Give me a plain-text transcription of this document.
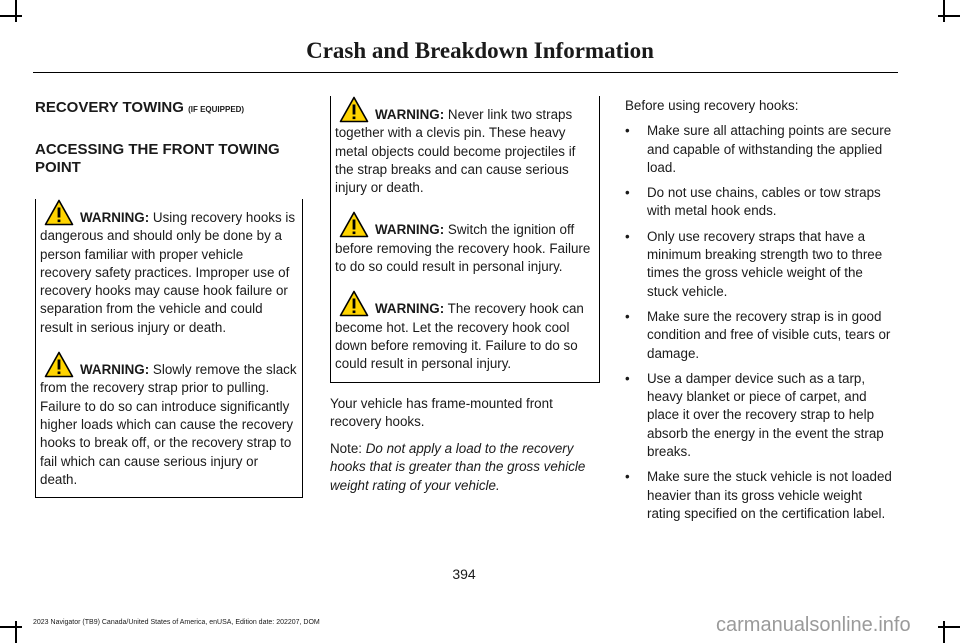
Crash and Breakdown Information
RECOVERY TOWING (IF EQUIPPED)
ACCESSING THE FRONT TOWING POINT

WARNING: Using recovery hooks is dangerous and should only be done by a person familiar with proper vehicle recovery safety practices. Improper use of recovery hooks may cause hook failure or separation from the vehicle and could result in serious injury or death.

WARNING: Slowly remove the slack from the recovery strap prior to pulling. Failure to do so can introduce significantly higher loads which can cause the recovery hooks to break off, or the recovery strap to fail which can cause serious injury or death.

WARNING: Never link two straps together with a clevis pin. These heavy metal objects could become projectiles if the strap breaks and can cause serious injury or death.

WARNING: Switch the ignition off before removing the recovery hook. Failure to do so could result in personal injury.

WARNING: The recovery hook can become hot. Let the recovery hook cool down before removing it. Failure to do so could result in personal injury.

Your vehicle has frame-mounted front recovery hooks.

Note: Do not apply a load to the recovery hooks that is greater than the gross vehicle weight rating of your vehicle.

Before using recovery hooks:

• Make sure all attaching points are secure and capable of withstanding the applied load.
• Do not use chains, cables or tow straps with metal hook ends.
• Only use recovery straps that have a minimum breaking strength two to three times the gross vehicle weight of the stuck vehicle.
• Make sure the recovery strap is in good condition and free of visible cuts, tears or damage.
• Use a damper device such as a tarp, heavy blanket or piece of carpet, and place it over the recovery strap to help absorb the energy in the event the strap breaks.
• Make sure the stuck vehicle is not loaded heavier than its gross vehicle weight rating specified on the certification label.
394
2023 Navigator (TB9) Canada/United States of America, enUSA, Edition date: 202207, DOM	carmanualsonline.info
